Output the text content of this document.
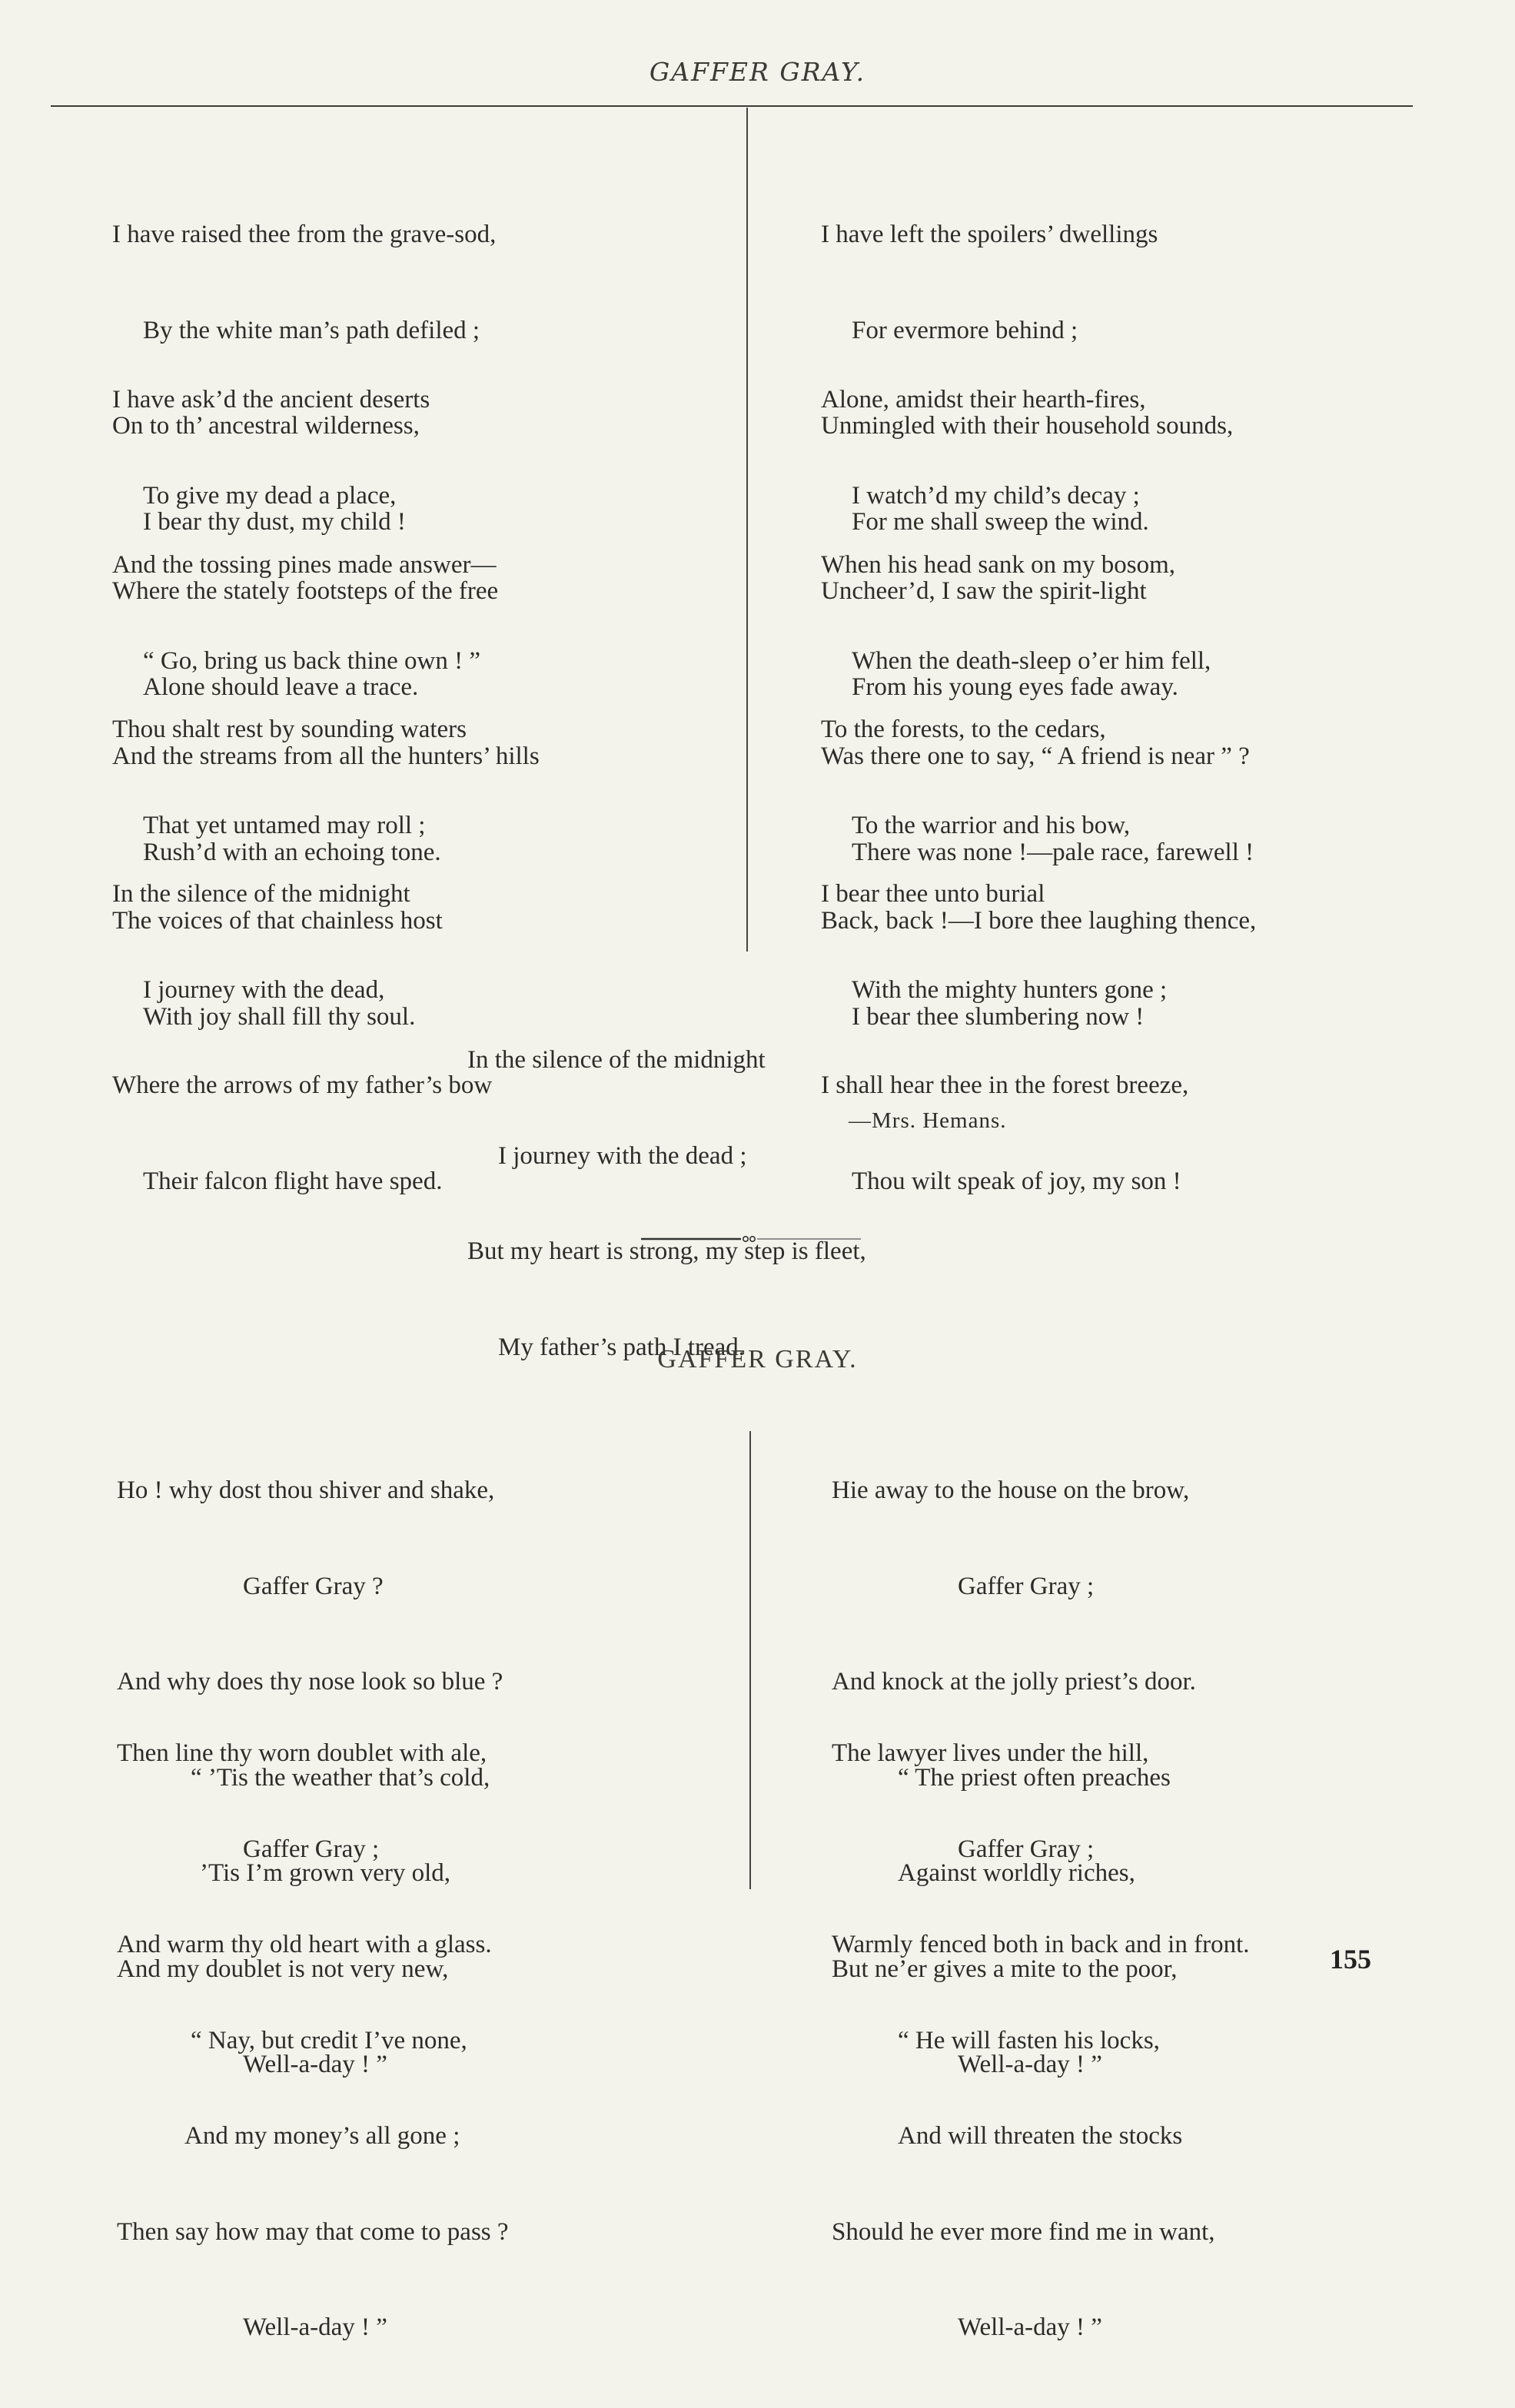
GAFFER GRAY.

I have raised thee from the grave-sod,

By the white man’s path defiled ;

On to th’ ancestral wilderness,

I bear thy dust, my child !

I have ask’d the ancient deserts

To give my dead a place,

Where the stately footsteps of the free

Alone should leave a trace.

And the tossing pines made answer—

“ Go, bring us back thine own ! ”

And the streams from all the hunters’ hills

Rush’d with an echoing tone.

Thou shalt rest by sounding waters

That yet untamed may roll ;

The voices of that chainless host

With joy shall fill thy soul.

In the silence of the midnight

I journey with the dead,

Where the arrows of my father’s bow

Their falcon flight have sped.

I have left the spoilers’ dwellings

For evermore behind ;

Unmingled with their household sounds,

For me shall sweep the wind.

Alone, amidst their hearth-fires,

I watch’d my child’s decay ;

Uncheer’d, I saw the spirit-light

From his young eyes fade away.

When his head sank on my bosom,

When the death-sleep o’er him fell,

Was there one to say, “ A friend is near ” ?

There was none !—pale race, farewell !

To the forests, to the cedars,

To the warrior and his bow,

Back, back !—I bore thee laughing thence,

I bear thee slumbering now !

I bear thee unto burial

With the mighty hunters gone ;

I shall hear thee in the forest breeze,

Thou wilt speak of joy, my son !

In the silence of the midnight

I journey with the dead ;

But my heart is strong, my step is fleet,

My father’s path I tread.

—Mrs. Hemans.
GAFFER GRAY.

Ho ! why dost thou shiver and shake,

Gaffer Gray ?

And why does thy nose look so blue ?

“ ’Tis the weather that’s cold,

’Tis I’m grown very old,

And my doublet is not very new,

Well-a-day ! ”

Then line thy worn doublet with ale,

Gaffer Gray ;

And warm thy old heart with a glass.

“ Nay, but credit I’ve none,

And my money’s all gone ;

Then say how may that come to pass ?

Well-a-day ! ”

Hie away to the house on the brow,

Gaffer Gray ;

And knock at the jolly priest’s door.

“ The priest often preaches

Against worldly riches,

But ne’er gives a mite to the poor,

Well-a-day ! ”

The lawyer lives under the hill,

Gaffer Gray ;

Warmly fenced both in back and in front.

“ He will fasten his locks,

And will threaten the stocks

Should he ever more find me in want,

Well-a-day ! ”

155
